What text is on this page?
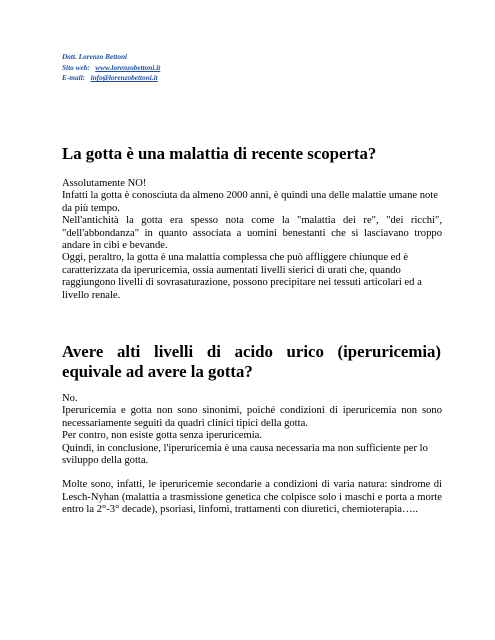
Dott. Lorenzo Bettoni
Sito web: www.lorenzobettoni.it
E-mail: info@lorenzobettoni.it
La gotta è una malattia di recente scoperta?

Assolutamente NO!

Infatti la gotta è conosciuta da almeno 2000 anni, è quindi una delle malattie umane note da più tempo.

Nell'antichità la gotta era spesso nota come la "malattia dei re", "dei ricchi", "dell'abbondanza" in quanto associata a uomini benestanti che si lasciavano troppo andare in cibi e bevande.

Oggi, peraltro, la gotta è una malattia complessa che può affliggere chiunque ed è caratterizzata da iperuricemia, ossia aumentati livelli sierici di urati che, quando raggiungono livelli di sovrasaturazione, possono precipitare nei tessuti articolari ed a livello renale.

Avere alti livelli di acido urico (iperuricemia) equivale ad avere la gotta?

No.

Iperuricemia e gotta non sono sinonimi, poiché condizioni di iperuricemia non sono necessariamente seguiti da quadri clinici tipici della gotta.

Per contro, non esiste gotta senza iperuricemia.

Quindi, in conclusione, l'iperuricemia è una causa necessaria ma non sufficiente per lo sviluppo della gotta.

Molte sono, infatti, le iperuricemie secondarie a condizioni di varia natura: sindrome di Lesch-Nyhan (malattia a trasmissione genetica che colpisce solo i maschi e porta a morte entro la 2°-3° decade), psoriasi, linfomi, trattamenti con diuretici, chemioterapia…..
